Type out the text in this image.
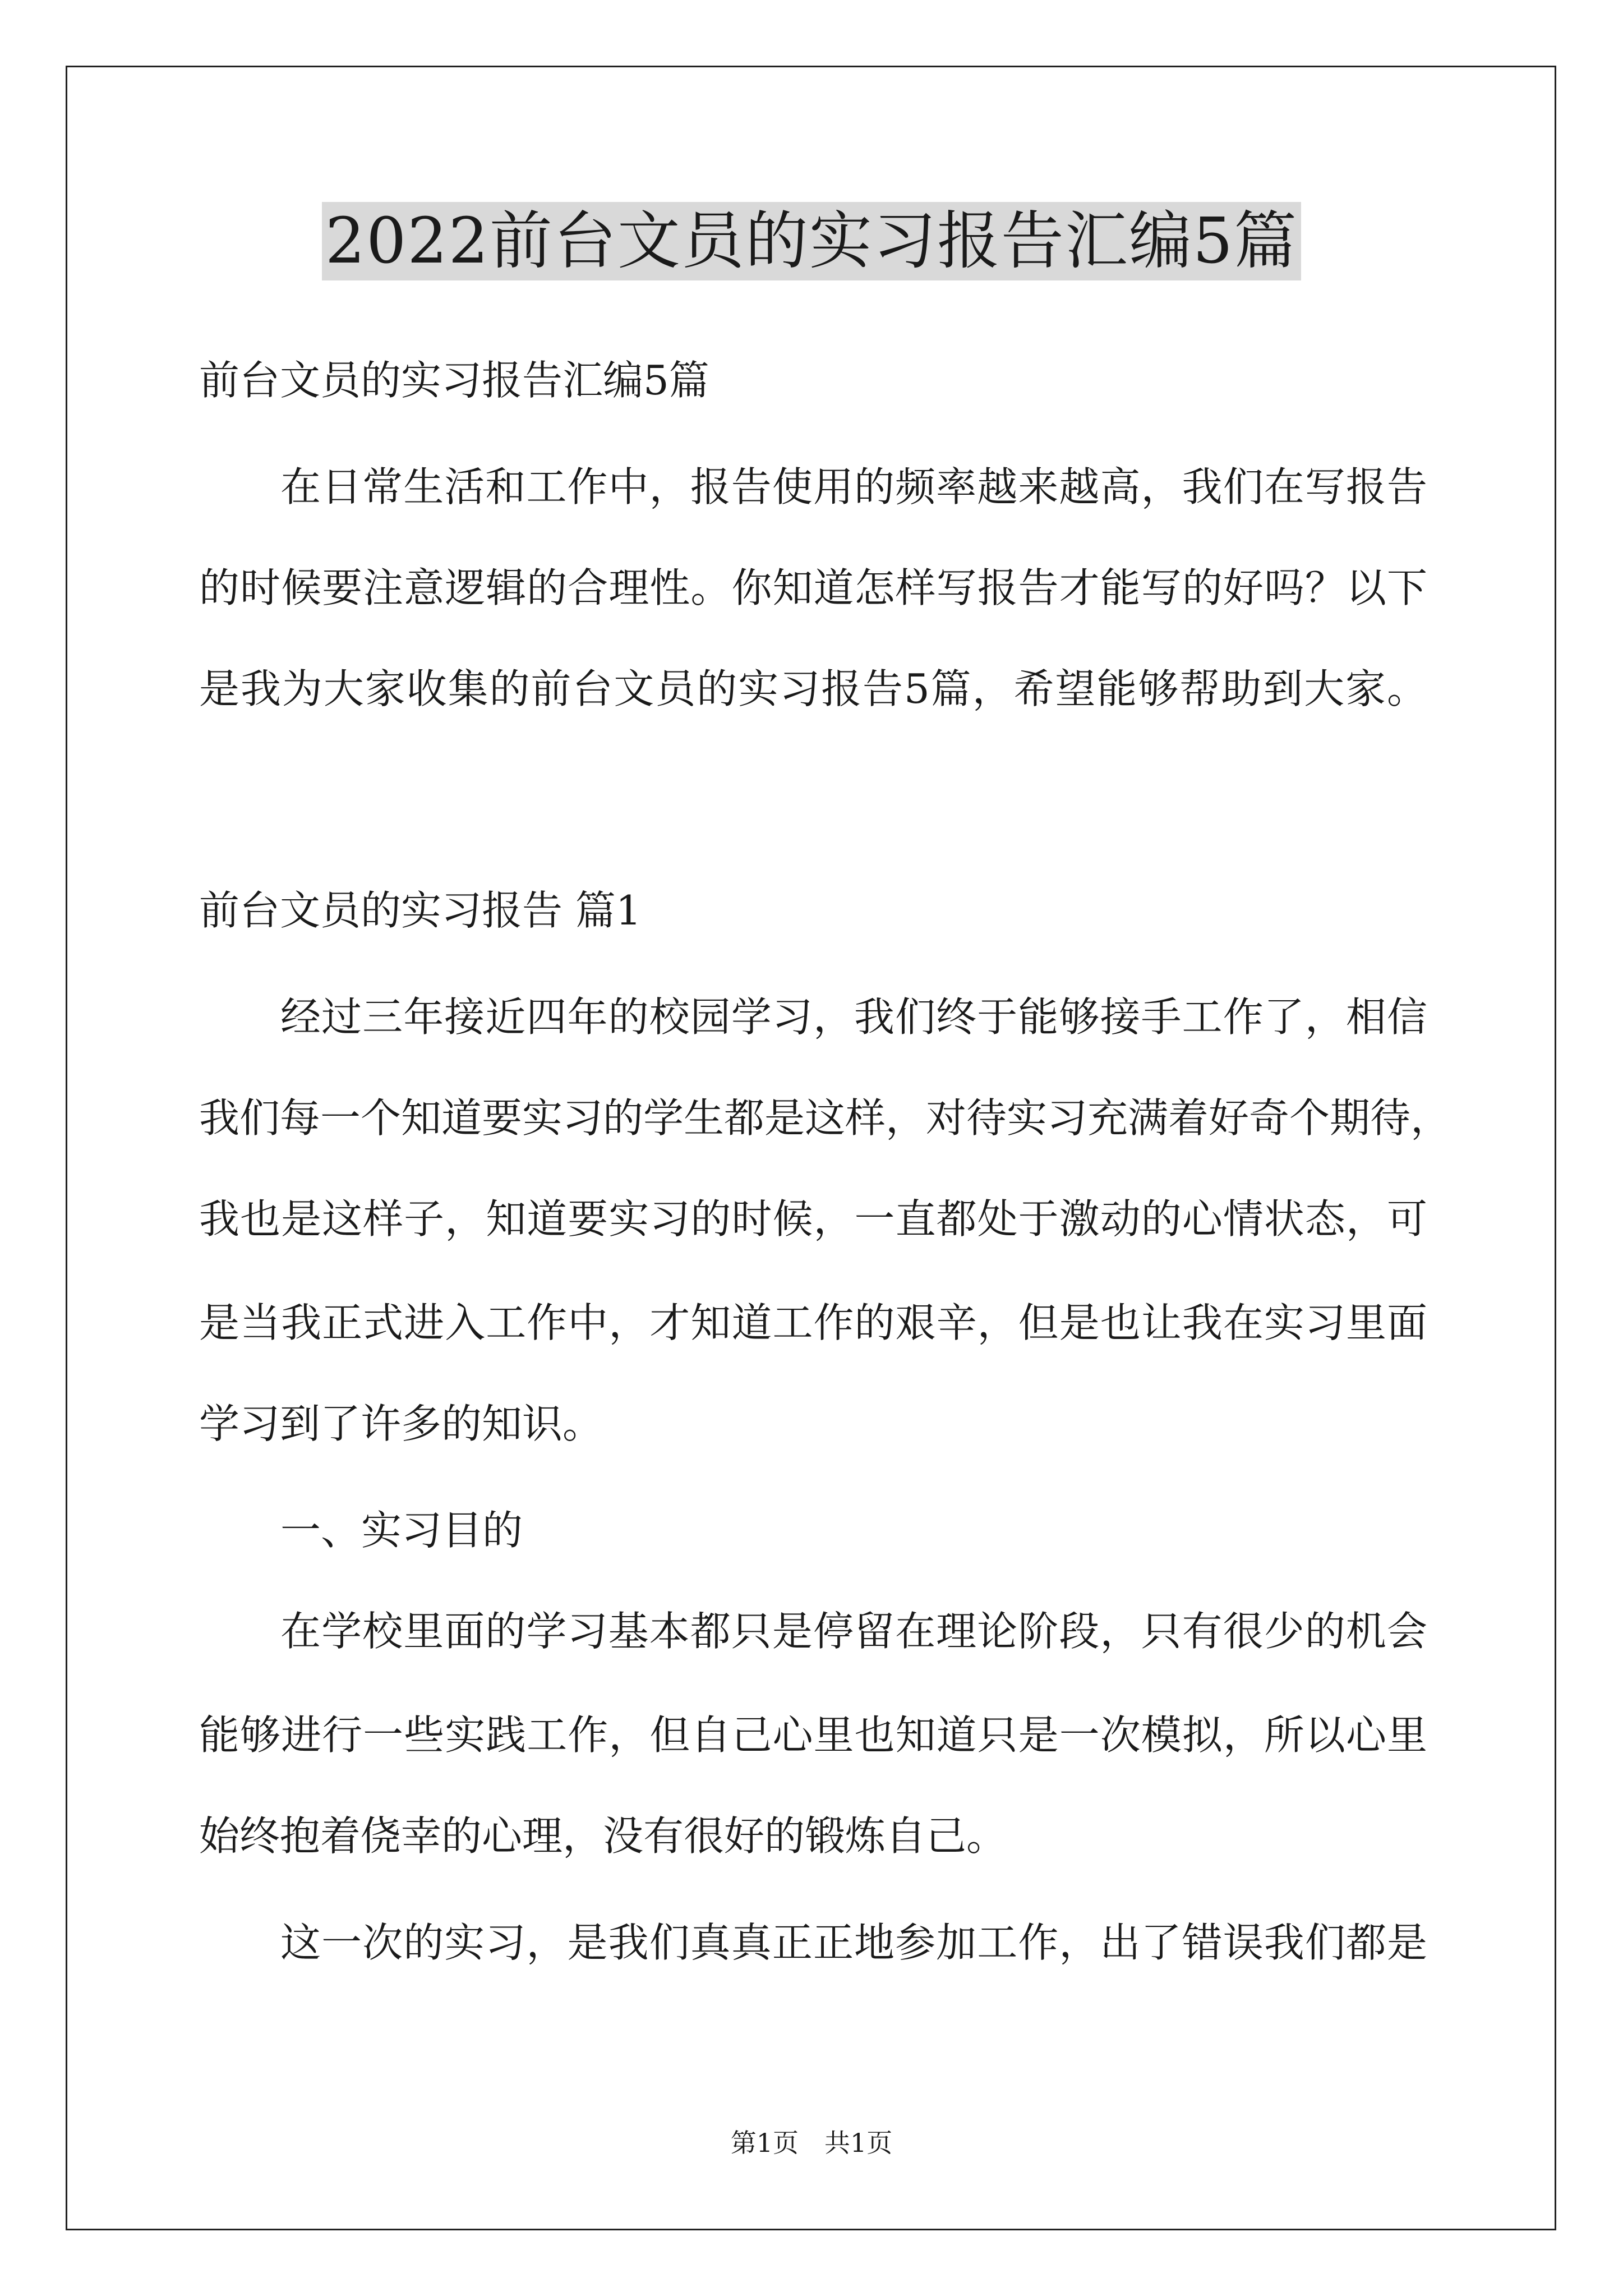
2022前台文员的实习报告汇编5篇
前台文员的实习报告汇编5篇
在日常生活和工作中，报告使用的频率越来越高，我们在写报告
的时候要注意逻辑的合理性。你知道怎样写报告才能写的好吗？以下
是我为大家收集的前台文员的实习报告5篇，希望能够帮助到大家。
前台文员的实习报告 篇1
经过三年接近四年的校园学习，我们终于能够接手工作了，相信
我们每一个知道要实习的学生都是这样，对待实习充满着好奇个期待，
我也是这样子，知道要实习的时候，一直都处于激动的心情状态，可
是当我正式进入工作中，才知道工作的艰辛，但是也让我在实习里面
学习到了许多的知识。
一、实习目的
在学校里面的学习基本都只是停留在理论阶段，只有很少的机会
能够进行一些实践工作，但自己心里也知道只是一次模拟，所以心里
始终抱着侥幸的心理，没有很好的锻炼自己。
这一次的实习，是我们真真正正地参加工作，出了错误我们都是
第1页　共1页
